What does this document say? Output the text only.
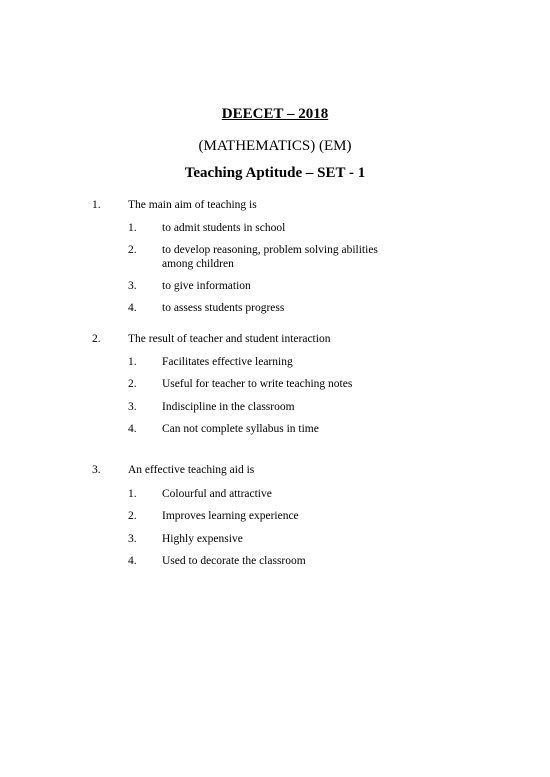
DEECET – 2018
(MATHEMATICS) (EM)
Teaching Aptitude – SET - 1
1. The main aim of teaching is
1. to admit students in school
2. to develop reasoning, problem solving abilities among children
3. to give information
4. to assess students progress
2. The result of teacher and student interaction
1. Facilitates effective learning
2. Useful for teacher to write teaching notes
3. Indiscipline in the classroom
4. Can not complete syllabus in time
3. An effective teaching aid is
1. Colourful and attractive
2. Improves learning experience
3. Highly expensive
4. Used to decorate the classroom
